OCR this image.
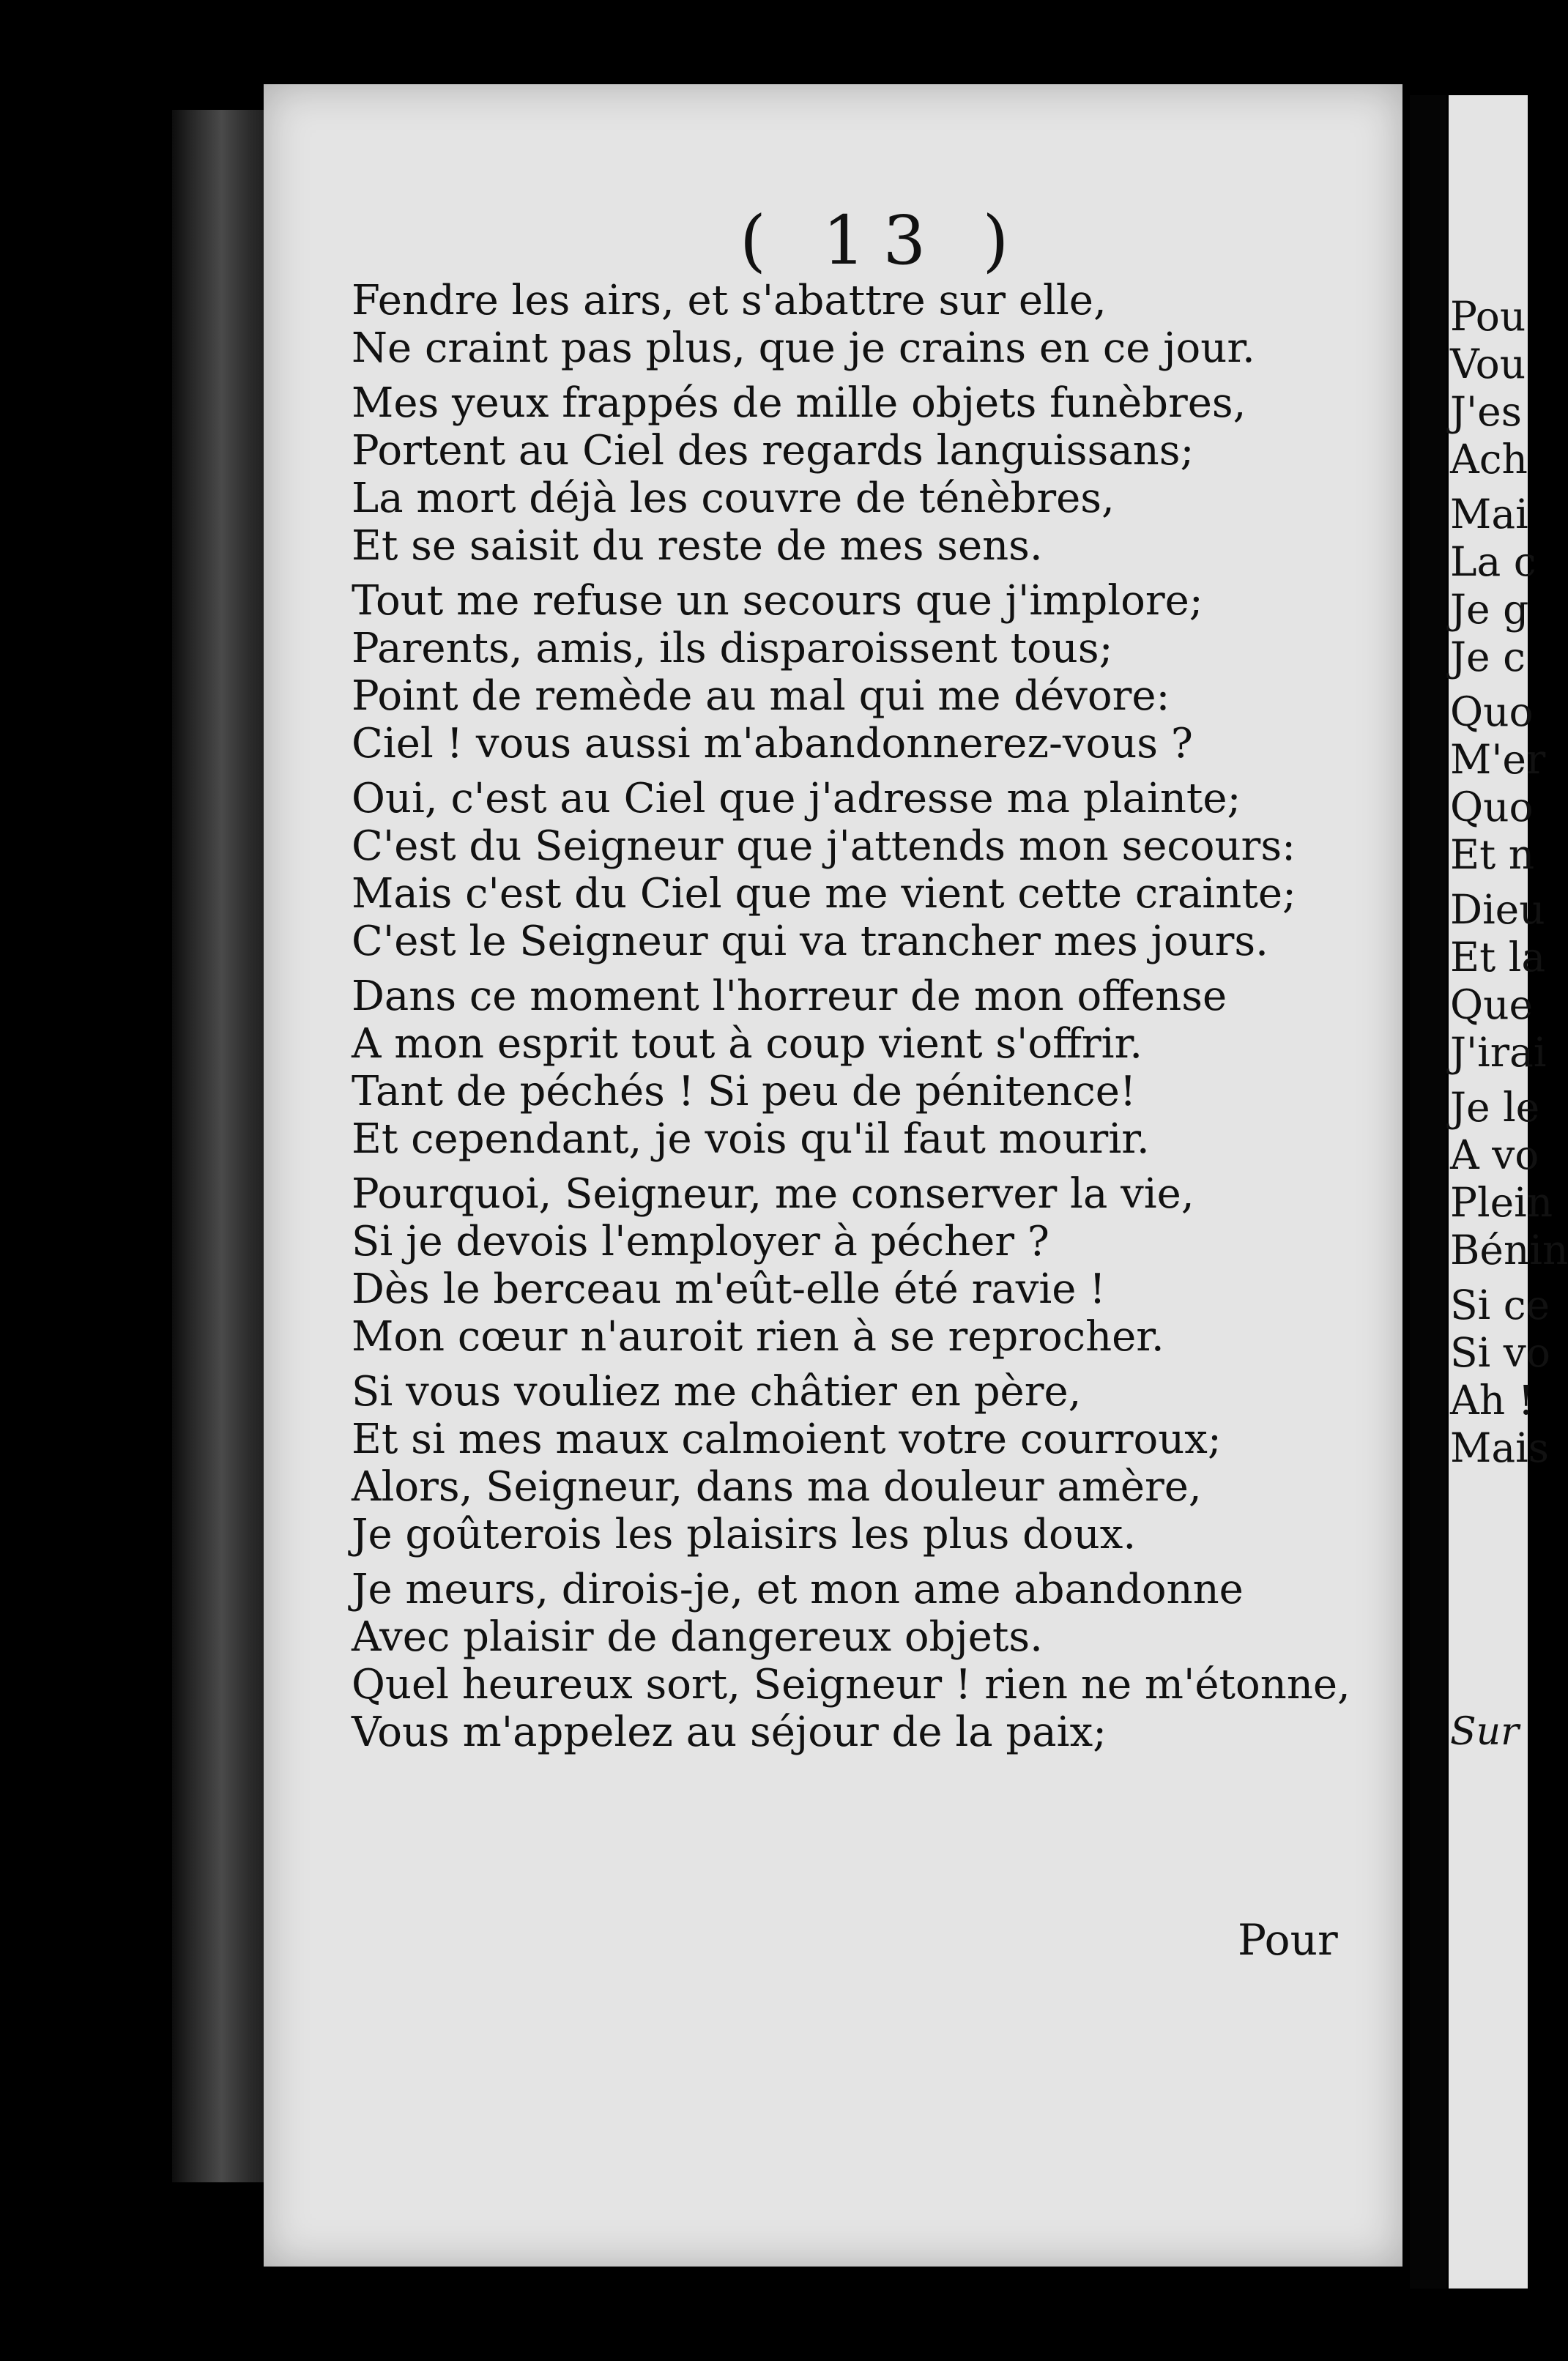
( 13 )
Fendre les airs, et s'abattre sur elle,
Ne craint pas plus, que je crains en ce jour.
Mes yeux frappés de mille objets funèbres,
Portent au Ciel des regards languissans;
La mort déjà les couvre de ténèbres,
Et se saisit du reste de mes sens.
Tout me refuse un secours que j'implore;
Parents, amis, ils disparoissent tous;
Point de remède au mal qui me dévore:
Ciel ! vous aussi m'abandonnerez-vous ?
Oui, c'est au Ciel que j'adresse ma plainte;
C'est du Seigneur que j'attends mon secours:
Mais c'est du Ciel que me vient cette crainte;
C'est le Seigneur qui va trancher mes jours.
Dans ce moment l'horreur de mon offense
A mon esprit tout à coup vient s'offrir.
Tant de péchés ! Si peu de pénitence!
Et cependant, je vois qu'il faut mourir.
Pourquoi, Seigneur, me conserver la vie,
Si je devois l'employer à pécher ?
Dès le berceau m'eût-elle été ravie !
Mon cœur n'auroit rien à se reprocher.
Si vous vouliez me châtier en père,
Et si mes maux calmoient votre courroux;
Alors, Seigneur, dans ma douleur amère,
Je goûterois les plaisirs les plus doux.
Je meurs, dirois-je, et mon ame abandonne
Avec plaisir de dangereux objets.
Quel heureux sort, Seigneur ! rien ne m'étonne,
Vous m'appelez au séjour de la paix;
Pour
Pou
Vou
J'es
Ach
Mai
La c
Je g
Je c
Quo
M'er
Quo
Et n
Dieu
Et la
Que
J'irai
Je le
A vo
Plein
Bénin
Si ce
Si vo
Ah !
Mais
Sur
